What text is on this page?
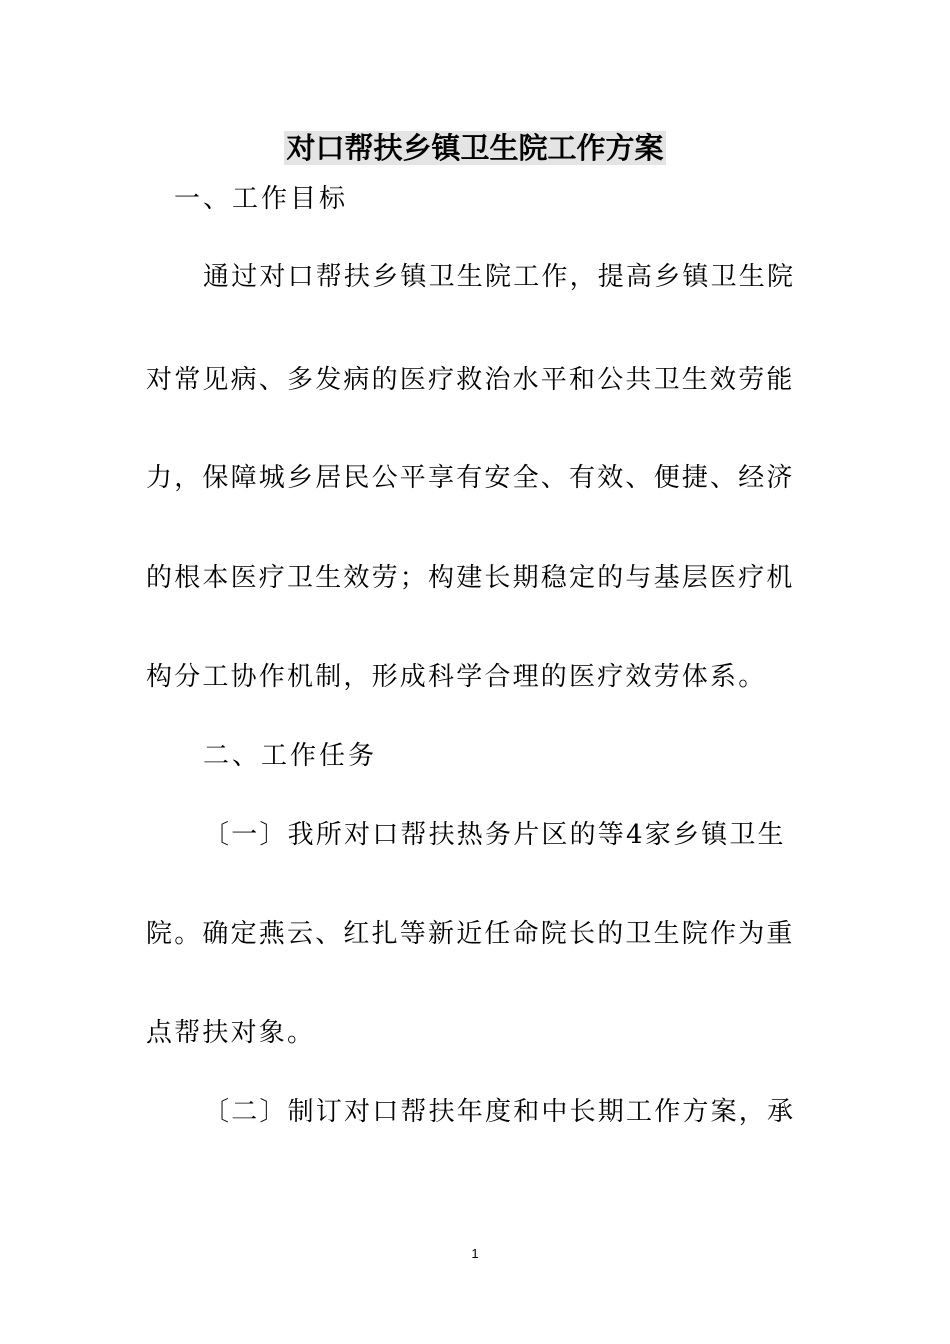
对口帮扶乡镇卫生院工作方案

一、工作目标

通过对口帮扶乡镇卫生院工作，提高乡镇卫生院

对常见病、多发病的医疗救治水平和公共卫生效劳能

力，保障城乡居民公平享有安全、有效、便捷、经济

的根本医疗卫生效劳；构建长期稳定的与基层医疗机

构分工协作机制，形成科学合理的医疗效劳体系。

二、工作任务

〔一〕我所对口帮扶热务片区的等4家乡镇卫生

院。确定燕云、红扎等新近任命院长的卫生院作为重

点帮扶对象。

〔二〕制订对口帮扶年度和中长期工作方案，承

1
